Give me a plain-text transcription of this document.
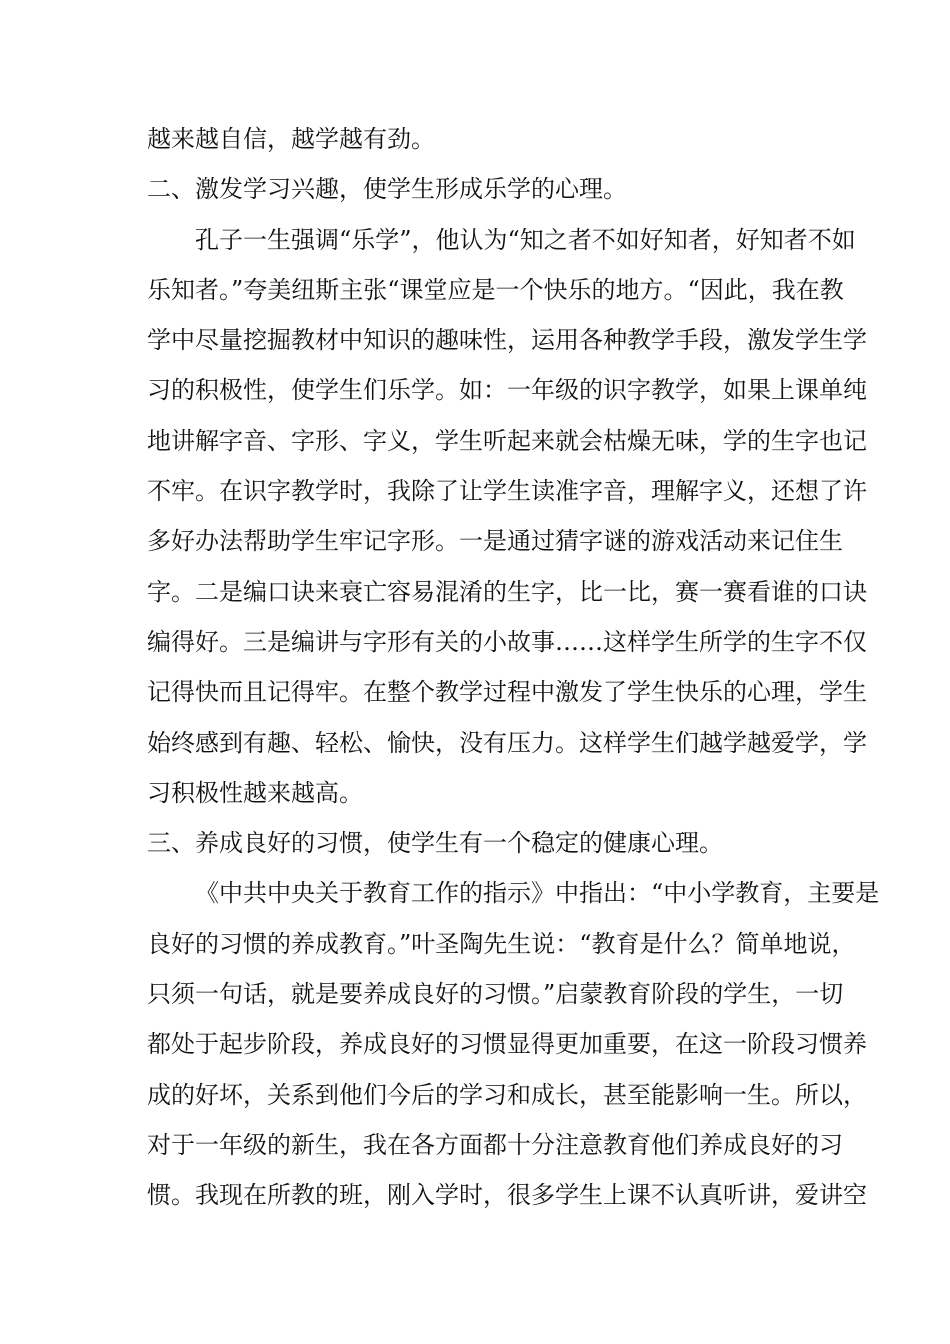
越来越自信，越学越有劲。
二、激发学习兴趣，使学生形成乐学的心理。
孔子一生强调“乐学”，他认为“知之者不如好知者，好知者不如
乐知者。”夸美纽斯主张“课堂应是一个快乐的地方。“因此，我在教
学中尽量挖掘教材中知识的趣味性，运用各种教学手段，激发学生学
习的积极性，使学生们乐学。如：一年级的识字教学，如果上课单纯
地讲解字音、字形、字义，学生听起来就会枯燥无味，学的生字也记
不牢。在识字教学时，我除了让学生读准字音，理解字义，还想了许
多好办法帮助学生牢记字形。一是通过猜字谜的游戏活动来记住生
字。二是编口诀来衰亡容易混淆的生字，比一比，赛一赛看谁的口诀
编得好。三是编讲与字形有关的小故事……这样学生所学的生字不仅
记得快而且记得牢。在整个教学过程中激发了学生快乐的心理，学生
始终感到有趣、轻松、愉快，没有压力。这样学生们越学越爱学，学
习积极性越来越高。
三、养成良好的习惯，使学生有一个稳定的健康心理。
《中共中央关于教育工作的指示》中指出：“中小学教育，主要是
良好的习惯的养成教育。”叶圣陶先生说：“教育是什么？简单地说，
只须一句话，就是要养成良好的习惯。”启蒙教育阶段的学生，一切
都处于起步阶段，养成良好的习惯显得更加重要，在这一阶段习惯养
成的好坏，关系到他们今后的学习和成长，甚至能影响一生。所以，
对于一年级的新生，我在各方面都十分注意教育他们养成良好的习
惯。我现在所教的班，刚入学时，很多学生上课不认真听讲，爱讲空
